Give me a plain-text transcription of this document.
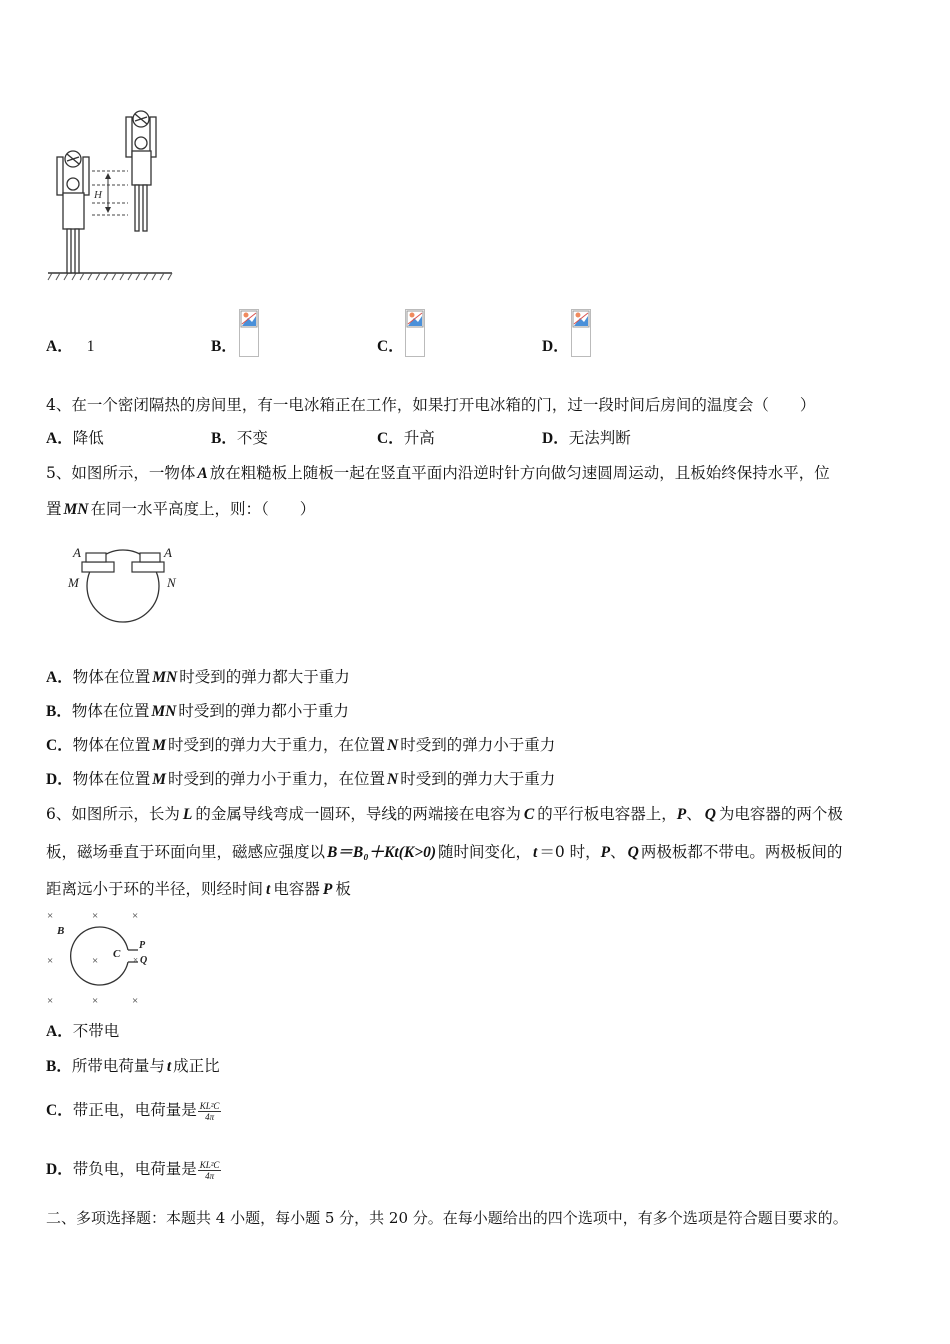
H
A． 1	B．	C．	D．
4、在一个密闭隔热的房间里，有一电冰箱正在工作，如果打开电冰箱的门，过一段时间后房间的温度会（　　）
A．降低	B．不变	C．升高	D．无法判断
5、如图所示，一物体 A 放在粗糙板上随板一起在竖直平面内沿逆时针方向做匀速圆周运动，且板始终保持水平，位
置 MN 在同一水平高度上，则：（　　）
A	A
M	N
A．物体在位置 MN 时受到的弹力都大于重力
B．物体在位置 MN 时受到的弹力都小于重力
C．物体在位置 M 时受到的弹力大于重力，在位置 N 时受到的弹力小于重力
D．物体在位置 M 时受到的弹力小于重力，在位置 N 时受到的弹力大于重力
6、如图所示，长为 L 的金属导线弯成一圆环，导线的两端接在电容为 C 的平行板电容器上，P、 Q 为电容器的两个极
板，磁场垂直于环面向里，磁感应强度以 B＝B₀＋Kt(K>0) 随时间变化， t ＝0 时，P、 Q 两极板都不带电。两极板间的
距离远小于环的半径，则经时间 t 电容器 P 板
×	×	×
×	×
×	×	×
B
C
P
× Q
A．不带电
B．所带电荷量与 t 成正比
C．带正电，电荷量是 $\frac{\text{KL²C}}{4\pi}$
D．带负电，电荷量是 $\frac{\text{KL²C}}{4\pi}$
二、多项选择题：本题共 4 小题，每小题 5 分，共 20 分。在每小题给出的四个选项中，有多个选项是符合题目要求的。
